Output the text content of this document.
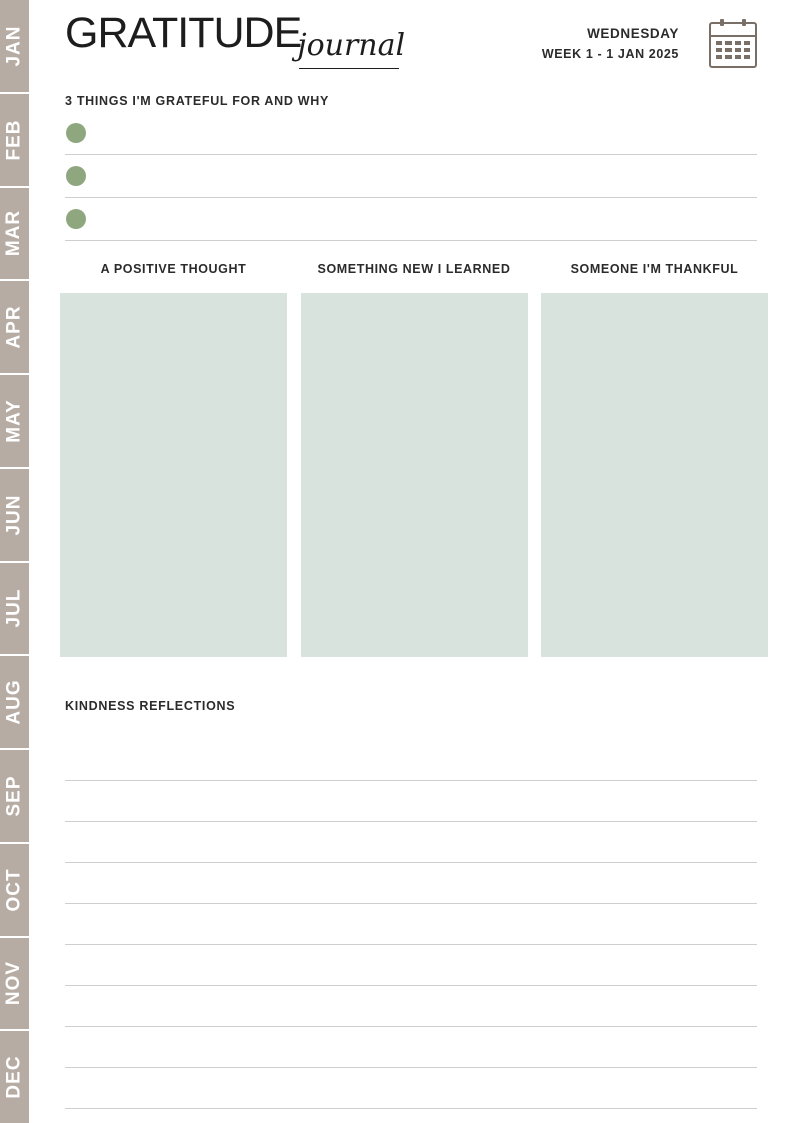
JAN
FEB
MAR
APR
MAY
JUN
JUL
AUG
SEP
OCT
NOV
DEC
GRATITUDE
journal	WEDNESDAY
WEEK 1 - 1 JAN 2025
3 THINGS I'M GRATEFUL FOR AND WHY
A POSITIVE THOUGHT	SOMETHING NEW I LEARNED	SOMEONE I'M THANKFUL
KINDNESS REFLECTIONS
